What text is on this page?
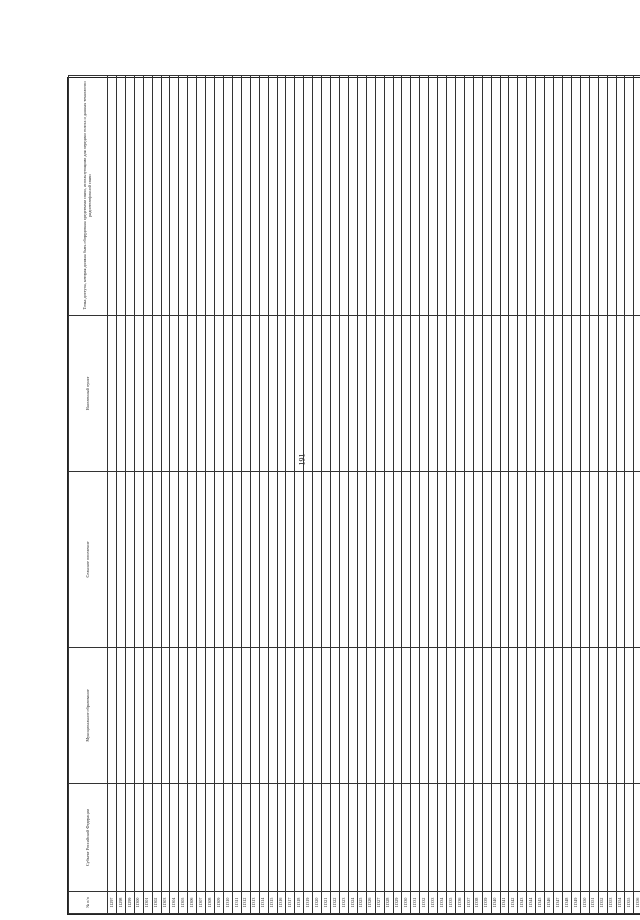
191
№ п/п	Субъект Российской Федерации	Муниципальное образование	Сельское поселение	Населенный пункт	Точка доступа, которая должна быть оборудована средствами связи, использующими для передачи голоса и данных технологии радиотелефонной связи
11297					
11298					
11299					
11300					
11301					
11302					
11303					
11304					
11305					
11306					
11307					
11308					
11309					
11310					
11311					
11312					
11313					
11314					
11315					
11316					
11317					
11318					
11319					
11320					
11321					
11322					
11323					
11324					
11325					
11326					
11327					
11328					
11329					
11330					
11331					
11332					
11333					
11334					
11335					
11336					
11337					
11338					
11339					
11340					
11341					
11342					
11343					
11344					
11345					
11346					
11347					
11348					
11349					
11350					
11351					
11352					
11353					
11354					
11355					
11356					
